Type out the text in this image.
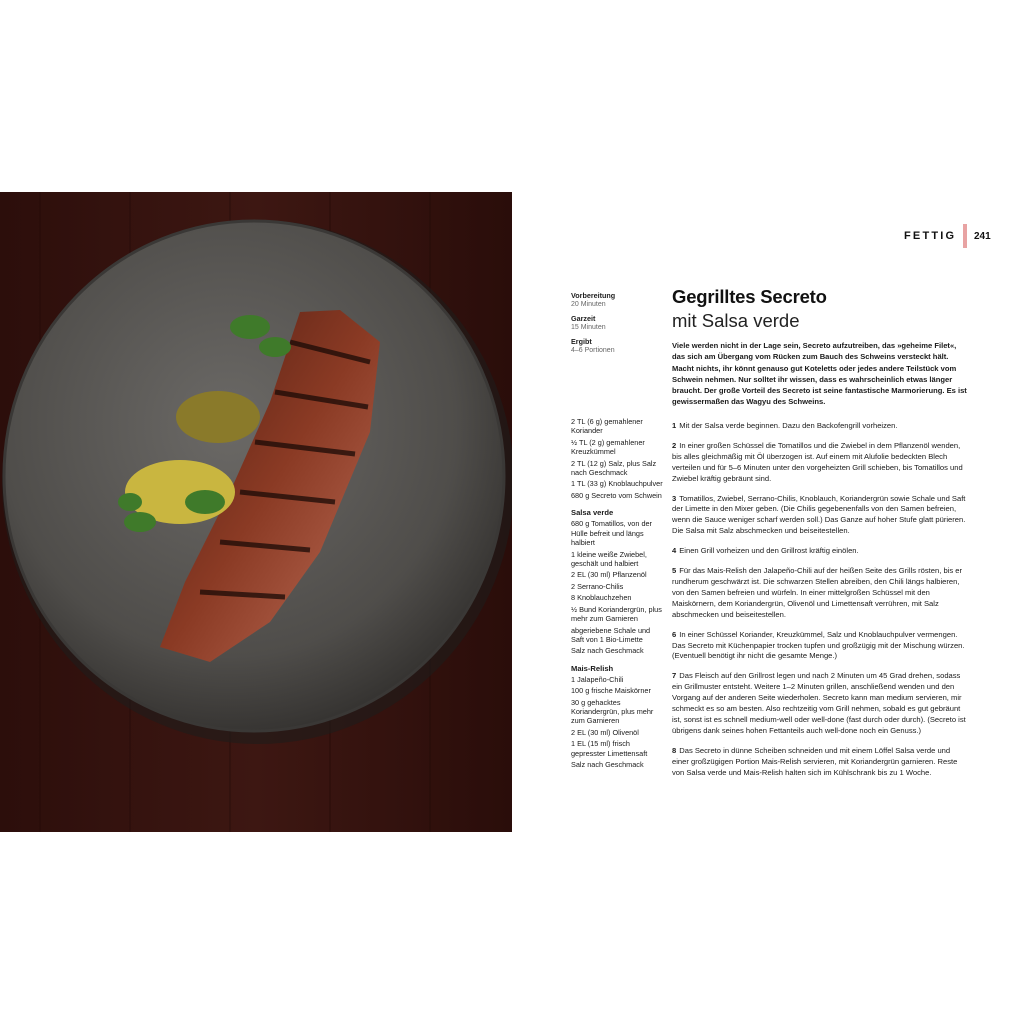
FETTIG 241
Vorbereitung
20 Minuten
Garzeit
15 Minuten
Ergibt
4–6 Portionen
Gegrilltes Secreto
mit Salsa verde
Viele werden nicht in der Lage sein, Secreto aufzutreiben, das »geheime Filet«, das sich am Übergang vom Rücken zum Bauch des Schweins versteckt hält. Macht nichts, ihr könnt genauso gut Koteletts oder jedes andere Teilstück vom Schwein nehmen. Nur solltet ihr wissen, dass es wahrscheinlich etwas länger braucht. Der große Vorteil des Secreto ist seine fantastische Marmorierung. Es ist gewissermaßen das Wagyu des Schweins.
2 TL (6 g) gemahlener Koriander
½ TL (2 g) gemahlener Kreuzkümmel
2 TL (12 g) Salz, plus Salz nach Geschmack
1 TL (33 g) Knoblauchpulver
680 g Secreto vom Schwein
Salsa verde
680 g Tomatillos, von der Hülle befreit und längs halbiert
1 kleine weiße Zwiebel, geschält und halbiert
2 EL (30 ml) Pflanzenöl
2 Serrano-Chilis
8 Knoblauchzehen
½ Bund Koriandergrün, plus mehr zum Garnieren
abgeriebene Schale und Saft von 1 Bio-Limette
Salz nach Geschmack
Mais-Relish
1 Jalapeño-Chili
100 g frische Maiskörner
30 g gehacktes Koriandergrün, plus mehr zum Garnieren
2 EL (30 ml) Olivenöl
1 EL (15 ml) frisch gepresster Limettensaft
Salz nach Geschmack

1 Mit der Salsa verde beginnen. Dazu den Backofengrill vorheizen.

2 In einer großen Schüssel die Tomatillos und die Zwiebel in dem Pflanzenöl wenden, bis alles gleichmäßig mit Öl überzogen ist. Auf einem mit Alufolie bedeckten Blech verteilen und für 5–6 Minuten unter den vorgeheizten Grill schieben, bis Tomatillos und Zwiebel kräftig gebräunt sind.

3 Tomatillos, Zwiebel, Serrano-Chilis, Knoblauch, Koriandergrün sowie Schale und Saft der Limette in den Mixer geben. (Die Chilis gegebenenfalls von den Samen befreien, wenn die Sauce weniger scharf werden soll.) Das Ganze auf hoher Stufe glatt pürieren. Die Salsa mit Salz abschmecken und beiseitestellen.

4 Einen Grill vorheizen und den Grillrost kräftig einölen.

5 Für das Mais-Relish den Jalapeño-Chili auf der heißen Seite des Grills rösten, bis er rundherum geschwärzt ist. Die schwarzen Stellen abreiben, den Chili längs halbieren, von den Samen befreien und würfeln. In einer mittelgroßen Schüssel mit den Maiskörnern, dem Koriandergrün, Olivenöl und Limettensaft verrühren, mit Salz abschmecken und beiseitestellen.

6 In einer Schüssel Koriander, Kreuzkümmel, Salz und Knoblauchpulver vermengen. Das Secreto mit Küchenpapier trocken tupfen und großzügig mit der Mischung würzen. (Eventuell benötigt ihr nicht die gesamte Menge.)

7 Das Fleisch auf den Grillrost legen und nach 2 Minuten um 45 Grad drehen, sodass ein Grillmuster entsteht. Weitere 1–2 Minuten grillen, anschließend wenden und den Vorgang auf der anderen Seite wiederholen. Secreto kann man medium servieren, mir schmeckt es so am besten. Also rechtzeitig vom Grill nehmen, sobald es gut gebräunt ist, sonst ist es schnell medium-well oder well-done (fast durch oder durch). (Secreto ist übrigens dank seines hohen Fettanteils auch well-done noch ein Genuss.)

8 Das Secreto in dünne Scheiben schneiden und mit einem Löffel Salsa verde und einer großzügigen Portion Mais-Relish servieren, mit Koriandergrün garnieren. Reste von Salsa verde und Mais-Relish halten sich im Kühlschrank bis zu 1 Woche.
